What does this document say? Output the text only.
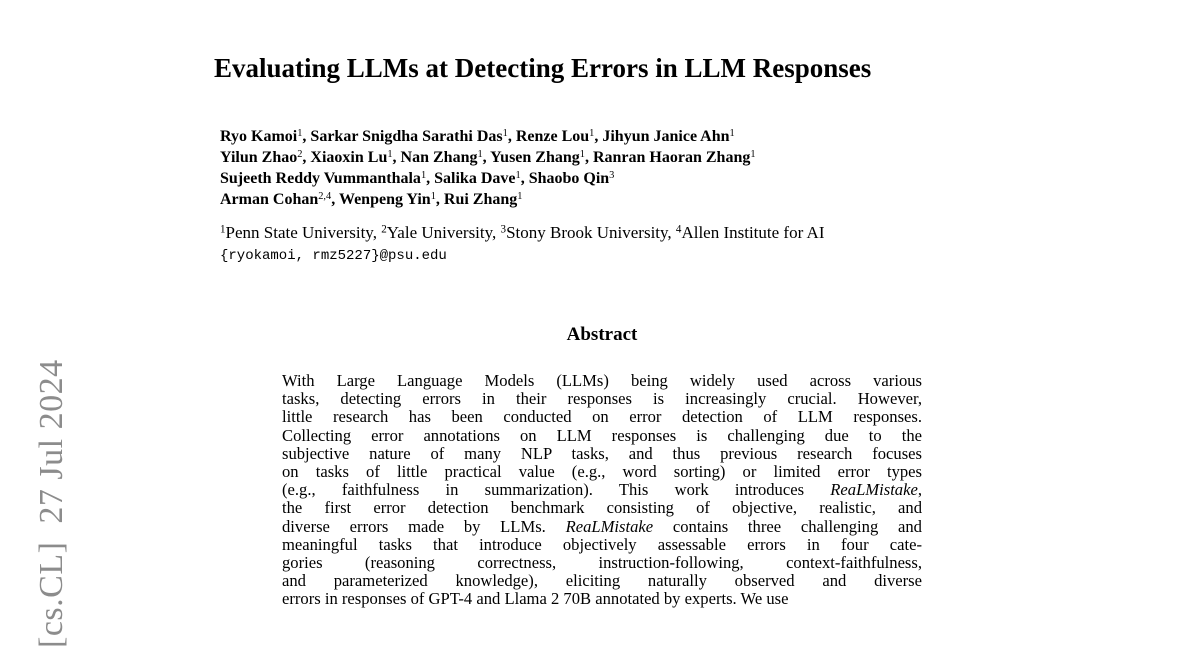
[cs.CL]27 Jul 2024
Evaluating LLMs at Detecting Errors in LLM Responses
Ryo Kamoi$^1$, Sarkar Snigdha Sarathi Das$^1$, Renze Lou$^1$, Jihyun Janice Ahn$^1$
Yilun Zhao$^2$, Xiaoxin Lu$^1$, Nan Zhang$^1$, Yusen Zhang$^1$, Ranran Haoran Zhang$^1$
Sujeeth Reddy Vummanthala$^1$, Salika Dave$^1$, Shaobo Qin$^3$
Arman Cohan$^{2,4}$, Wenpeng Yin$^1$, Rui Zhang$^1$
$^1$Penn State University, $^2$Yale University, $^3$Stony Brook University, $^4$Allen Institute for AI
{ryokamoi, rmz5227}@psu.edu
Abstract
With Large Language Models (LLMs) being widely used across various
tasks, detecting errors in their responses is increasingly crucial. However,
little research has been conducted on error detection of LLM responses.
Collecting error annotations on LLM responses is challenging due to the
subjective nature of many NLP tasks, and thus previous research focuses
on tasks of little practical value (e.g., word sorting) or limited error types
(e.g., faithfulness in summarization). This work introduces ReaLMistake,
the first error detection benchmark consisting of objective, realistic, and
diverse errors made by LLMs. ReaLMistake contains three challenging and
meaningful tasks that introduce objectively assessable errors in four cate-
gories (reasoning correctness, instruction-following, context-faithfulness,
and parameterized knowledge), eliciting naturally observed and diverse
errors in responses of GPT-4 and Llama 2 70B annotated by experts. We use
